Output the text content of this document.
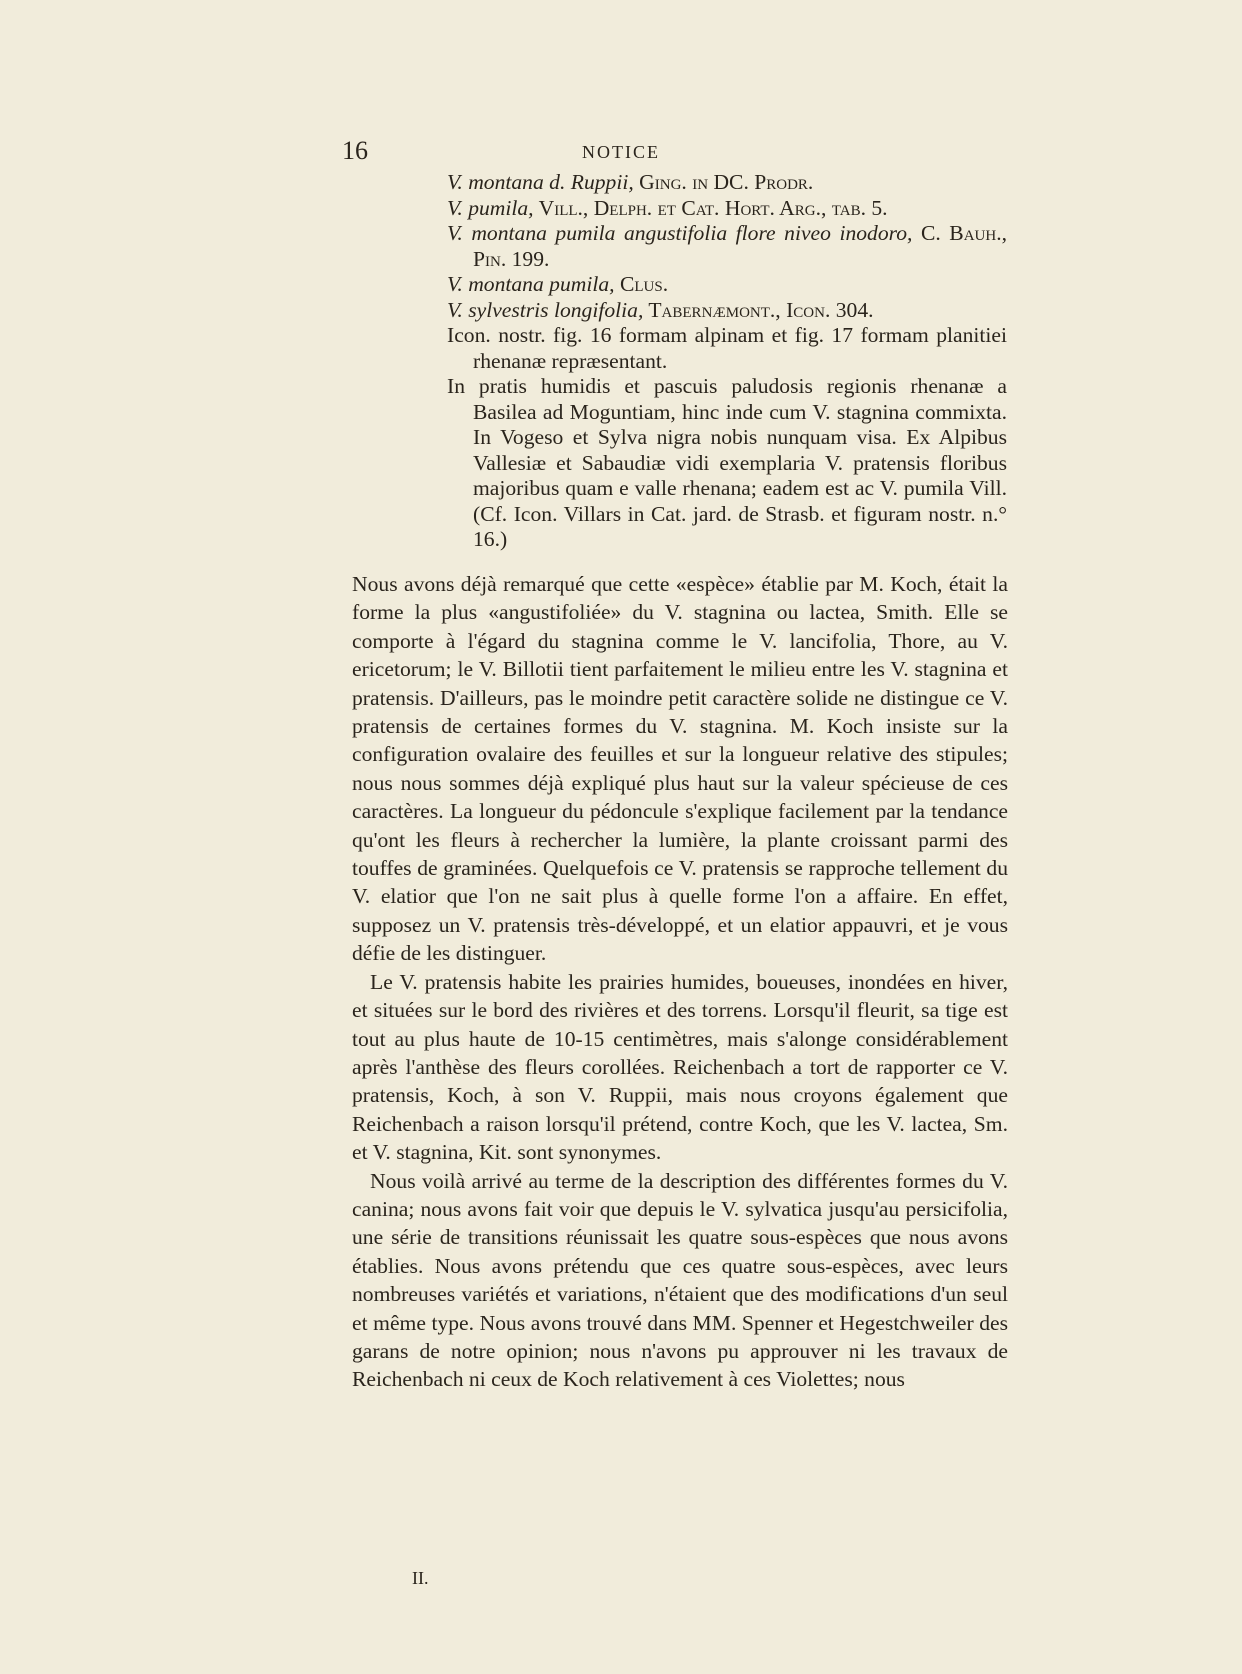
16	NOTICE
V. montana d. Ruppii, Ging. in DC. Prodr.
V. pumila, Vill., Delph. et Cat. Hort. Arg., tab. 5.
V. montana pumila angustifolia flore niveo inodoro, C. Bauh., Pin. 199.
V. montana pumila, Clus.
V. sylvestris longifolia, Tabernæmont., Icon. 304.
Icon. nostr. fig. 16 formam alpinam et fig. 17 formam planitiei rhenanæ repræsentant.
In pratis humidis et pascuis paludosis regionis rhenanæ a Basilea ad Moguntiam, hinc inde cum V. stagnina commixta. In Vogeso et Sylva nigra nobis nunquam visa. Ex Alpibus Vallesiæ et Sabaudiæ vidi exemplaria V. pratensis floribus majoribus quam e valle rhenana; eadem est ac V. pumila Vill. (Cf. Icon. Villars in Cat. jard. de Strasb. et figuram nostr. n.° 16.)

Nous avons déjà remarqué que cette «espèce» établie par M. Koch, était la forme la plus «angustifoliée» du V. stagnina ou lactea, Smith. Elle se comporte à l'égard du stagnina comme le V. lancifolia, Thore, au V. ericetorum; le V. Billotii tient parfaitement le milieu entre les V. stagnina et pratensis. D'ailleurs, pas le moindre petit caractère solide ne distingue ce V. pratensis de certaines formes du V. stagnina. M. Koch insiste sur la configuration ovalaire des feuilles et sur la longueur relative des stipules; nous nous sommes déjà expliqué plus haut sur la valeur spécieuse de ces caractères. La longueur du pédoncule s'explique facilement par la tendance qu'ont les fleurs à rechercher la lumière, la plante croissant parmi des touffes de graminées. Quelquefois ce V. pratensis se rapproche tellement du V. elatior que l'on ne sait plus à quelle forme l'on a affaire. En effet, supposez un V. pratensis très-développé, et un elatior appauvri, et je vous défie de les distinguer.

Le V. pratensis habite les prairies humides, boueuses, inondées en hiver, et situées sur le bord des rivières et des torrens. Lorsqu'il fleurit, sa tige est tout au plus haute de 10-15 centimètres, mais s'alonge considérablement après l'anthèse des fleurs corollées. Reichenbach a tort de rapporter ce V. pratensis, Koch, à son V. Ruppii, mais nous croyons également que Reichenbach a raison lorsqu'il prétend, contre Koch, que les V. lactea, Sm. et V. stagnina, Kit. sont synonymes.

Nous voilà arrivé au terme de la description des différentes formes du V. canina; nous avons fait voir que depuis le V. sylvatica jusqu'au persicifolia, une série de transitions réunissait les quatre sous-espèces que nous avons établies. Nous avons prétendu que ces quatre sous-espèces, avec leurs nombreuses variétés et variations, n'étaient que des modifications d'un seul et même type. Nous avons trouvé dans MM. Spenner et Hegestchweiler des garans de notre opinion; nous n'avons pu approuver ni les travaux de Reichenbach ni ceux de Koch relativement à ces Violettes; nous

II.
